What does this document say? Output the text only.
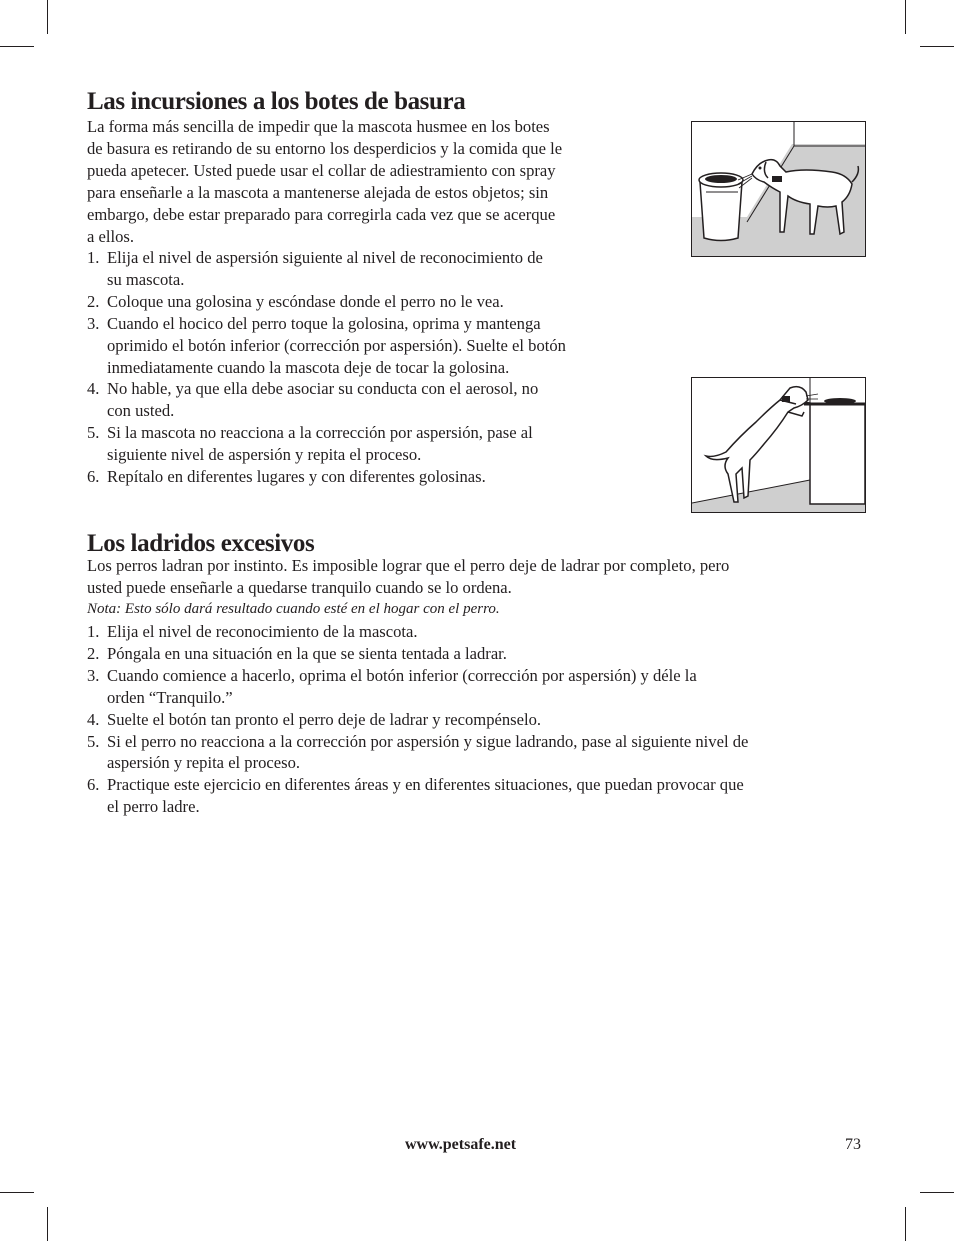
Las incursiones a los botes de basura
La forma más sencilla de impedir que la mascota husmee en los botes
de basura es retirando de su entorno los desperdicios y la comida que le
pueda apetecer. Usted puede usar el collar de adiestramiento con spray
para enseñarle a la mascota a mantenerse alejada de estos objetos; sin
embargo, debe estar preparado para corregirla cada vez que se acerque
a ellos.
1. Elija el nivel de aspersión siguiente al nivel de reconocimiento de
su mascota.
2. Coloque una golosina y escóndase donde el perro no le vea.
3. Cuando el hocico del perro toque la golosina, oprima y mantenga
oprimido el botón inferior (corrección por aspersión). Suelte el botón
inmediatamente cuando la mascota deje de tocar la golosina.
4. No hable, ya que ella debe asociar su conducta con el aerosol, no
con usted.
5. Si la mascota no reacciona a la corrección por aspersión, pase al
siguiente nivel de aspersión y repita el proceso.
6. Repítalo en diferentes lugares y con diferentes golosinas.
Los ladridos excesivos
Los perros ladran por instinto. Es imposible lograr que el perro deje de ladrar por completo, pero
usted puede enseñarle a quedarse tranquilo cuando se lo ordena.
Nota: Esto sólo dará resultado cuando esté en el hogar con el perro.
1. Elija el nivel de reconocimiento de la mascota.
2. Póngala en una situación en la que se sienta tentada a ladrar.
3. Cuando comience a hacerlo, oprima el botón inferior (corrección por aspersión) y déle la
orden “Tranquilo.”
4. Suelte el botón tan pronto el perro deje de ladrar y recompénselo.
5. Si el perro no reacciona a la corrección por aspersión y sigue ladrando, pase al siguiente nivel de
aspersión y repita el proceso.
6. Practique este ejercicio en diferentes áreas y en diferentes situaciones, que puedan provocar que
el perro ladre.
www.petsafe.net	73
